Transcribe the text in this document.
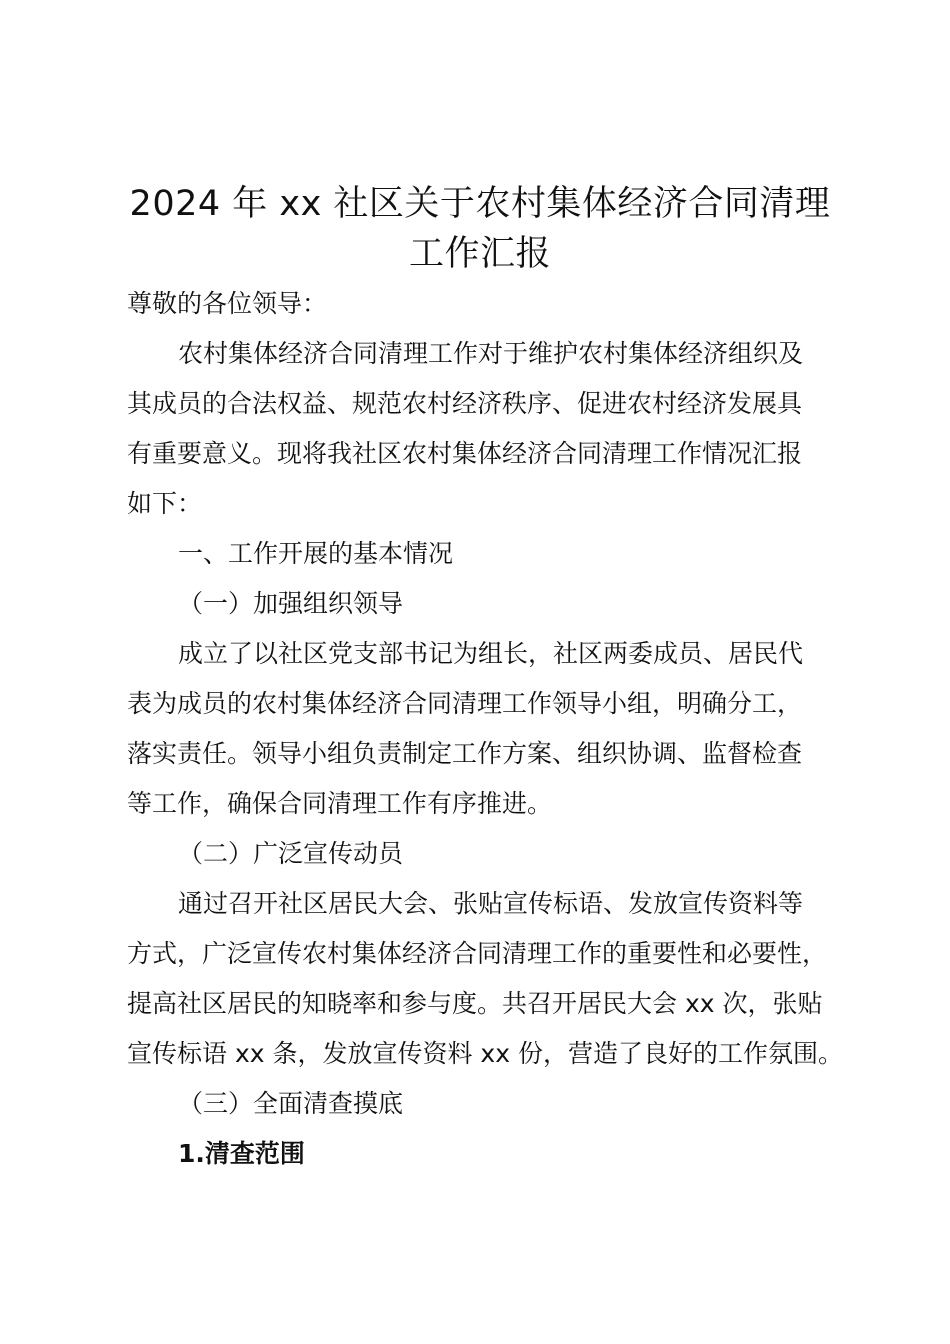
2024 年 xx 社区关于农村集体经济合同清理
工作汇报

尊敬的各位领导：

农村集体经济合同清理工作对于维护农村集体经济组织及

其成员的合法权益、规范农村经济秩序、促进农村经济发展具

有重要意义。现将我社区农村集体经济合同清理工作情况汇报

如下：

一、工作开展的基本情况

（一）加强组织领导

成立了以社区党支部书记为组长，社区两委成员、居民代

表为成员的农村集体经济合同清理工作领导小组，明确分工，

落实责任。领导小组负责制定工作方案、组织协调、监督检查

等工作，确保合同清理工作有序推进。

（二）广泛宣传动员

通过召开社区居民大会、张贴宣传标语、发放宣传资料等

方式，广泛宣传农村集体经济合同清理工作的重要性和必要性，

提高社区居民的知晓率和参与度。共召开居民大会 xx 次，张贴

宣传标语 xx 条，发放宣传资料 xx 份，营造了良好的工作氛围。

（三）全面清查摸底

1.清查范围
